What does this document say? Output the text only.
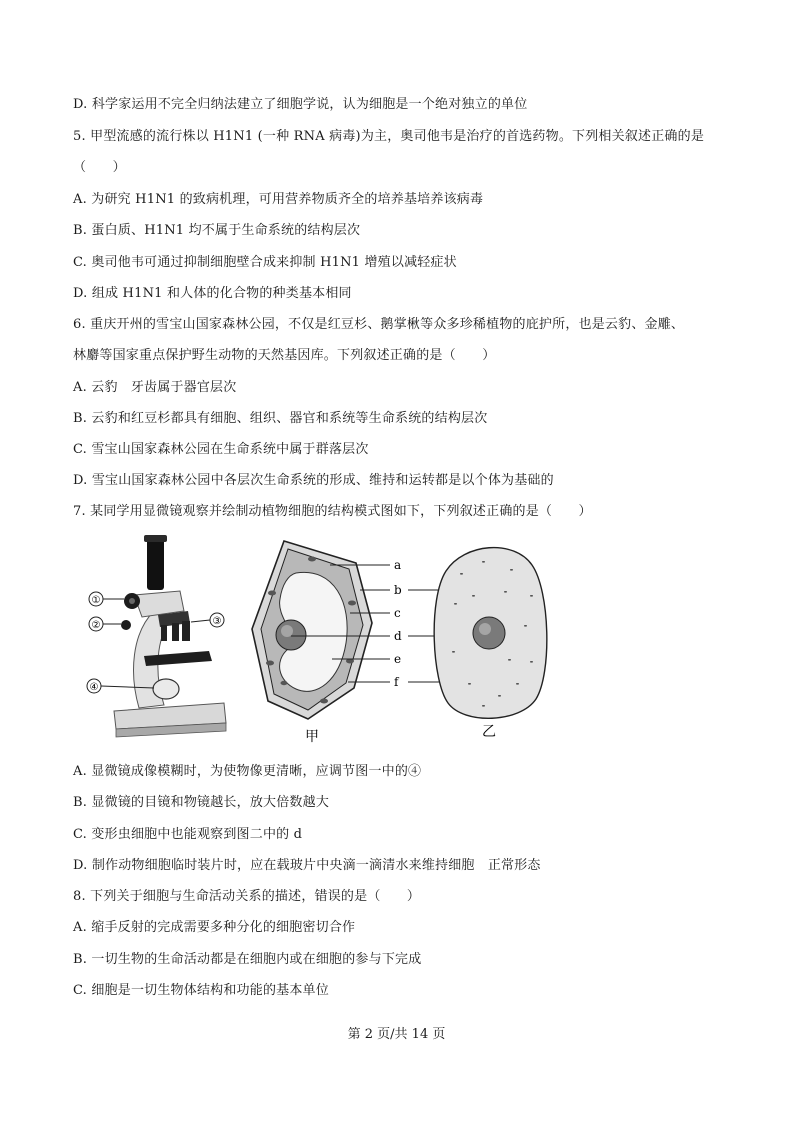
D. 科学家运用不完全归纳法建立了细胞学说，认为细胞是一个绝对独立的单位
5. 甲型流感的流行株以 H1N1 (一种 RNA 病毒)为主，奥司他韦是治疗的首选药物。下列相关叙述正确的是
（　　）
A. 为研究 H1N1 的致病机理，可用营养物质齐全的培养基培养该病毒
B. 蛋白质、H1N1 均不属于生命系统的结构层次
C. 奥司他韦可通过抑制细胞壁合成来抑制 H1N1 增殖以减轻症状
D. 组成 H1N1 和人体的化合物的种类基本相同
6. 重庆开州的雪宝山国家森林公园，不仅是红豆杉、鹅掌楸等众多珍稀植物的庇护所，也是云豹、金雕、
林麝等国家重点保护野生动物的天然基因库。下列叙述正确的是（　　）
A. 云豹　牙齿属于器官层次
B. 云豹和红豆杉都具有细胞、组织、器官和系统等生命系统的结构层次
C. 雪宝山国家森林公园在生命系统中属于群落层次
D. 雪宝山国家森林公园中各层次生命系统的形成、维持和运转都是以个体为基础的
7. 某同学用显微镜观察并绘制动植物细胞的结构模式图如下，下列叙述正确的是（　　）
①
②	③
④
a
b
c
d
e
f
甲	乙
A. 显微镜成像模糊时，为使物像更清晰，应调节图一中的④
B. 显微镜的目镜和物镜越长，放大倍数越大
C. 变形虫细胞中也能观察到图二中的 d
D. 制作动物细胞临时装片时，应在载玻片中央滴一滴清水来维持细胞　正常形态
8. 下列关于细胞与生命活动关系的描述，错误的是（　　）
A. 缩手反射的完成需要多种分化的细胞密切合作
B. 一切生物的生命活动都是在细胞内或在细胞的参与下完成
C. 细胞是一切生物体结构和功能的基本单位
第 2 页/共 14 页
